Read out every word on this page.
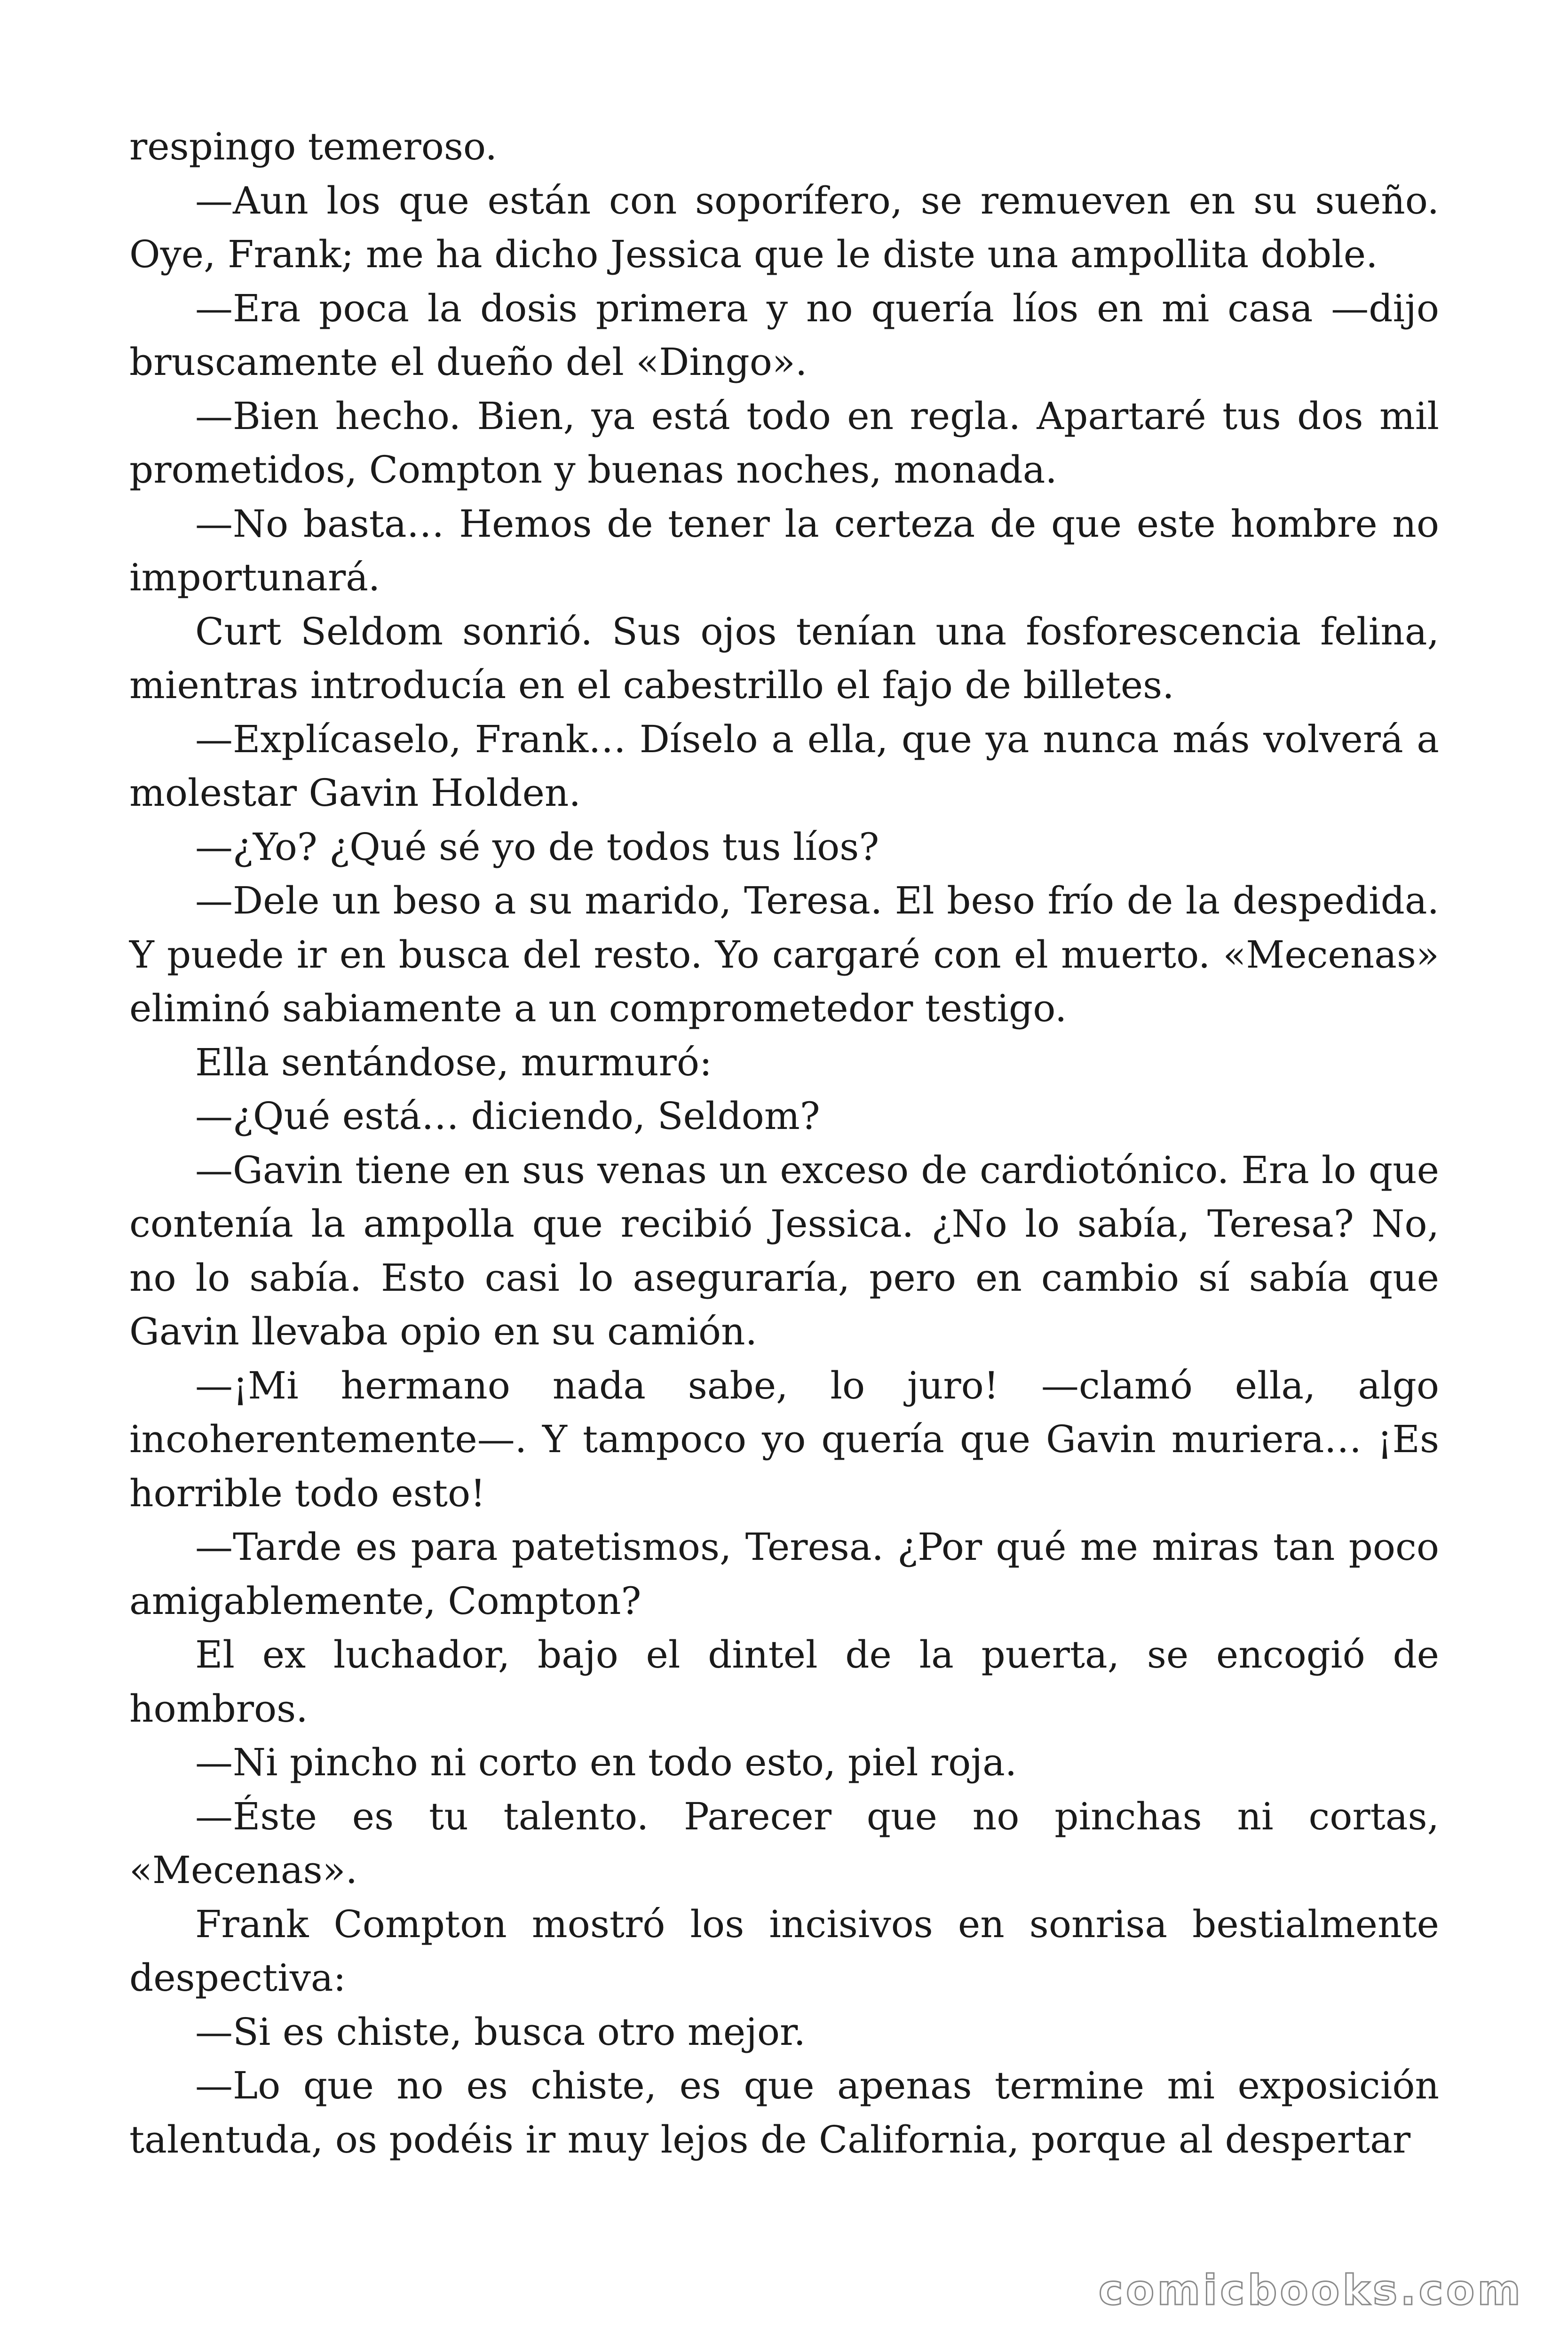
respingo temeroso.

—Aun los que están con soporífero, se remueven en su sueño. Oye, Frank; me ha dicho Jessica que le diste una ampollita doble.

—Era poca la dosis primera y no quería líos en mi casa —dijo bruscamente el dueño del «Dingo».

—Bien hecho. Bien, ya está todo en regla. Apartaré tus dos mil prometidos, Compton y buenas noches, monada.

—No basta… Hemos de tener la certeza de que este hombre no importunará.

Curt Seldom sonrió. Sus ojos tenían una fosforescencia felina, mientras introducía en el cabestrillo el fajo de billetes.

—Explícaselo, Frank… Díselo a ella, que ya nunca más volverá a molestar Gavin Holden.

—¿Yo? ¿Qué sé yo de todos tus líos?

—Dele un beso a su marido, Teresa. El beso frío de la despedida. Y puede ir en busca del resto. Yo cargaré con el muerto. «Mecenas» eliminó sabiamente a un comprometedor testigo.

Ella sentándose, murmuró:

—¿Qué está… diciendo, Seldom?

—Gavin tiene en sus venas un exceso de cardiotónico. Era lo que contenía la ampolla que recibió Jessica. ¿No lo sabía, Teresa? No, no lo sabía. Esto casi lo aseguraría, pero en cambio sí sabía que Gavin llevaba opio en su camión.

—¡Mi hermano nada sabe, lo juro! —clamó ella, algo incoherentemente—. Y tampoco yo quería que Gavin muriera… ¡Es horrible todo esto!

—Tarde es para patetismos, Teresa. ¿Por qué me miras tan poco amigablemente, Compton?

El ex luchador, bajo el dintel de la puerta, se encogió de hombros.

—Ni pincho ni corto en todo esto, piel roja.

—Éste es tu talento. Parecer que no pinchas ni cortas, «Mecenas».

Frank Compton mostró los incisivos en sonrisa bestialmente despectiva:

—Si es chiste, busca otro mejor.

—Lo que no es chiste, es que apenas termine mi exposición talentuda, os podéis ir muy lejos de California, porque al despertar

comicbooks.com
